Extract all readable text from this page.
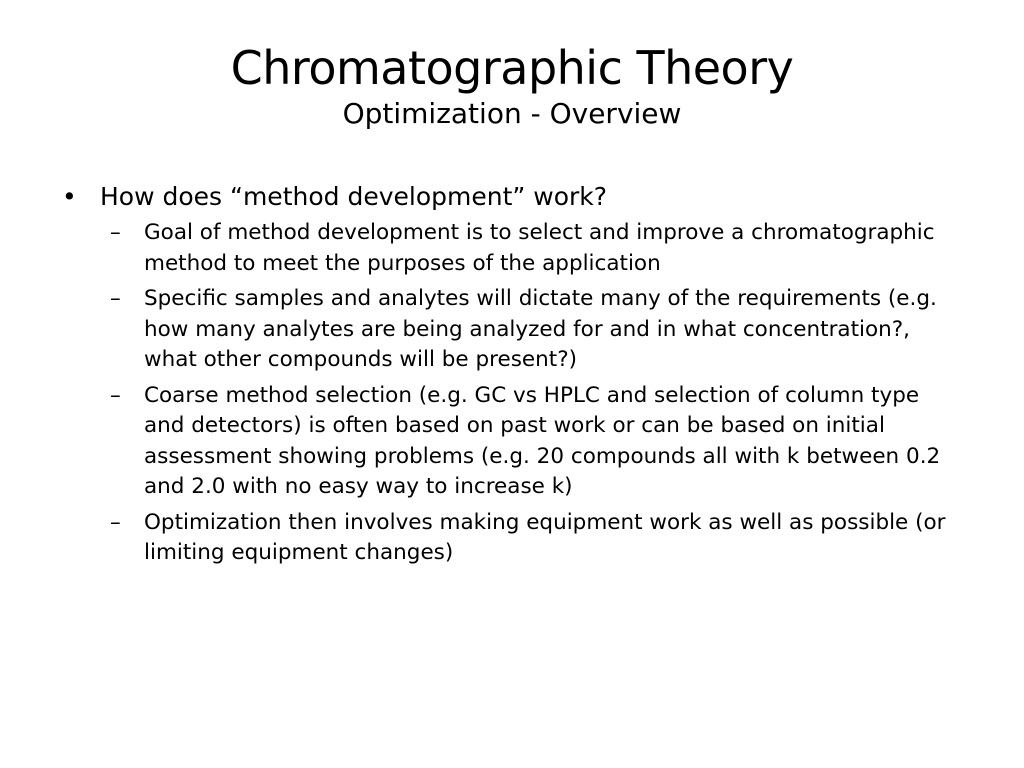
Chromatographic Theory
Optimization - Overview
• How does “method development” work?
–	Goal of method development is to select and improve a chromatographic method to meet the purposes of the application
–	Specific samples and analytes will dictate many of the requirements (e.g. how many analytes are being analyzed for and in what concentration?, what other compounds will be present?)
–	Coarse method selection (e.g. GC vs HPLC and selection of column type and detectors) is often based on past work or can be based on initial assessment showing problems (e.g. 20 compounds all with k between 0.2 and 2.0 with no easy way to increase k)
–	Optimization then involves making equipment work as well as possible (or limiting equipment changes)
